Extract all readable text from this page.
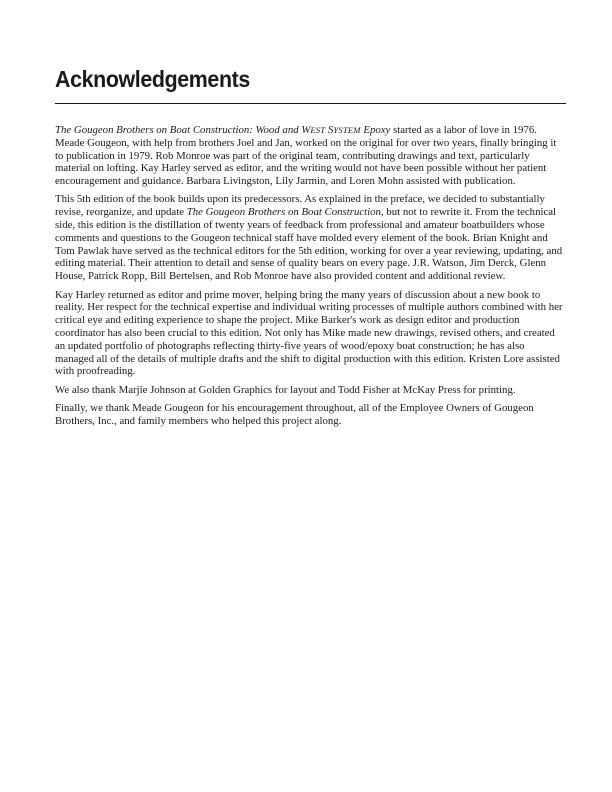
Acknowledgements

The Gougeon Brothers on Boat Construction: Wood and WEST SYSTEM Epoxy started as a labor of love in 1976. Meade Gougeon, with help from brothers Joel and Jan, worked on the original for over two years, finally bringing it to publication in 1979. Rob Monroe was part of the original team, contributing drawings and text, particularly material on lofting. Kay Harley served as editor, and the writing would not have been possible without her patient encouragement and guidance. Barbara Livingston, Lily Jarmin, and Loren Mohn assisted with publication.

This 5th edition of the book builds upon its predecessors. As explained in the preface, we decided to substantially revise, reorganize, and update The Gougeon Brothers on Boat Construction, but not to rewrite it. From the technical side, this edition is the distillation of twenty years of feedback from professional and amateur boatbuilders whose comments and questions to the Gougeon technical staff have molded every element of the book. Brian Knight and Tom Pawlak have served as the technical editors for the 5th edition, working for over a year reviewing, updating, and editing material. Their attention to detail and sense of quality bears on every page. J.R. Watson, Jim Derck, Glenn House, Patrick Ropp, Bill Bertelsen, and Rob Monroe have also provided content and additional review.

Kay Harley returned as editor and prime mover, helping bring the many years of discussion about a new book to reality. Her respect for the technical expertise and individual writing processes of multiple authors combined with her critical eye and editing experience to shape the project. Mike Barker's work as design editor and production coordinator has also been crucial to this edition. Not only has Mike made new drawings, revised others, and created an updated portfolio of photographs reflecting thirty-five years of wood/epoxy boat construction; he has also managed all of the details of multiple drafts and the shift to digital production with this edition. Kristen Lore assisted with proofreading.

We also thank Marjie Johnson at Golden Graphics for layout and Todd Fisher at McKay Press for printing.

Finally, we thank Meade Gougeon for his encouragement throughout, all of the Employee Owners of Gougeon Brothers, Inc., and family members who helped this project along.
